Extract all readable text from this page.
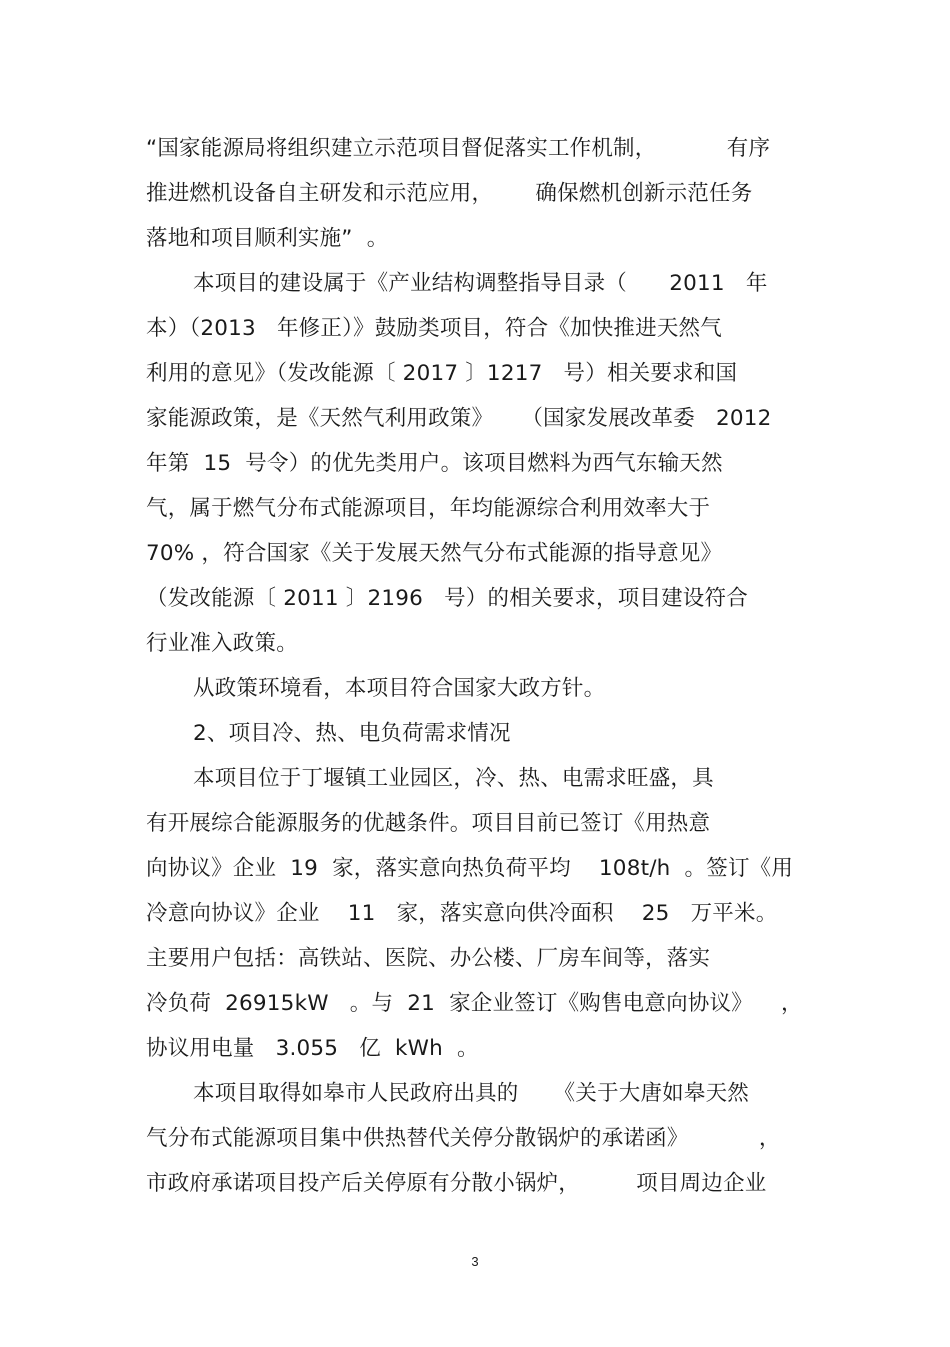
“国家能源局将组织建立示范项目督促落实工作机制，          有序

推进燃机设备自主研发和示范应用，      确保燃机创新示范任务

落地和项目顺利实施”  。

本项目的建设属于《产业结构调整指导目录（      2011   年

本）（2013   年修正）》鼓励类项目，符合《加快推进天然气

利用的意见》（发改能源〔 2017 〕1217   号）相关要求和国

家能源政策，是《天然气利用政策》    （国家发展改革委   2012

年第  15  号令）的优先类用户。该项目燃料为西气东输天然

气，属于燃气分布式能源项目，年均能源综合利用效率大于

70% ，符合国家《关于发展天然气分布式能源的指导意见》

（发改能源〔 2011 〕2196   号）的相关要求，项目建设符合

行业准入政策。

从政策环境看，本项目符合国家大政方针。

2、项目冷、热、电负荷需求情况

本项目位于丁堰镇工业园区，冷、热、电需求旺盛，具

有开展综合能源服务的优越条件。项目目前已签订《用热意

向协议》企业  19  家，落实意向热负荷平均    108t/h  。签订《用

冷意向协议》企业    11   家，落实意向供冷面积    25   万平米。

主要用户包括：高铁站、医院、办公楼、厂房车间等，落实

冷负荷  26915kW   。与  21  家企业签订《购售电意向协议》    ，

协议用电量   3.055   亿  kWh  。

本项目取得如皋市人民政府出具的     《关于大唐如皋天然

气分布式能源项目集中供热替代关停分散锅炉的承诺函》          ，

市政府承诺项目投产后关停原有分散小锅炉，        项目周边企业

3
